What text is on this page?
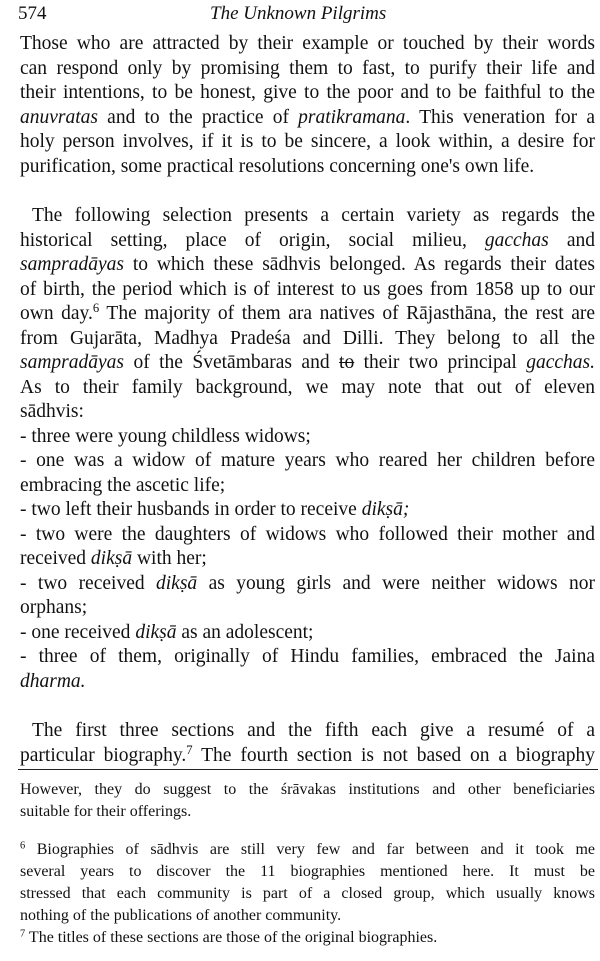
574	The Unknown Pilgrims
Those who are attracted by their example or touched by their words
can respond only by promising them to fast, to purify their life and
their intentions, to be honest, give to the poor and to be faithful to the
anuvratas and to the practice of pratikramana. This veneration for a
holy person involves, if it is to be sincere, a look within, a desire for
purification, some practical resolutions concerning one's own life.
The following selection presents a certain variety as regards the
historical setting, place of origin, social milieu, gacchas and
sampradāyas to which these sādhvis belonged. As regards their dates
of birth, the period which is of interest to us goes from 1858 up to our
own day.$^6$ The majority of them ara natives of Rājasthāna, the rest are
from Gujarāta, Madhya Pradeśa and Dilli. They belong to all the
sampradāyas of the Śvetāmbaras and to their two principal gacchas.
As to their family background, we may note that out of eleven
sādhvis:
- three were young childless widows;
- one was a widow of mature years who reared her children before
embracing the ascetic life;
- two left their husbands in order to receive dikṣā;
- two were the daughters of widows who followed their mother and
received dikṣā with her;
- two received dikṣā as young girls and were neither widows nor
orphans;
- one received dikṣā as an adolescent;
- three of them, originally of Hindu families, embraced the Jaina
dharma.
The first three sections and the fifth each give a resumé of a
particular biography.$^7$ The fourth section is not based on a biography
However, they do suggest to the śrāvakas institutions and other beneficiaries
suitable for their offerings.
$^6$ Biographies of sādhvis are still very few and far between and it took me
several years to discover the 11 biographies mentioned here. It must be
stressed that each community is part of a closed group, which usually knows
nothing of the publications of another community.
$^7$ The titles of these sections are those of the original biographies.
